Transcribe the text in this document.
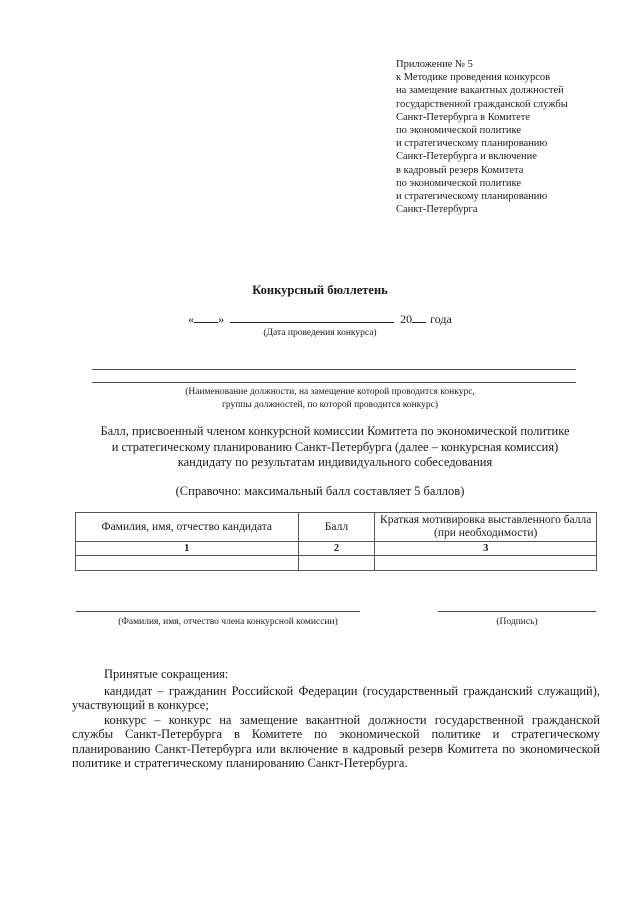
Приложение № 5
к Методике проведения конкурсов
на замещение вакантных должностей
государственной гражданской службы
Санкт-Петербурга в Комитете
по экономической политике
и стратегическому планированию
Санкт-Петербурга и включение
в кадровый резерв Комитета
по экономической политике
и стратегическому планированию
Санкт-Петербурга
Конкурсный бюллетень
« »	20 года
(Дата проведения конкурса)
(Наименование должности, на замещение которой проводится конкурс,
группы должностей, по которой проводится конкурс)
Балл, присвоенный членом конкурсной комиссии Комитета по экономической политике
и стратегическому планированию Санкт-Петербурга (далее – конкурсная комиссия)
кандидату по результатам индивидуального собеседования
(Справочно: максимальный балл составляет 5 баллов)
Фамилия, имя, отчество кандидата	Балл	Краткая мотивировка выставленного балла (при необходимости)
1	2	3

(Фамилия, имя, отчество члена конкурсной комиссии)	(Подпись)

Принятые сокращения:

кандидат – гражданин Российской Федерации (государственный гражданский служащий), участвующий в конкурсе;

конкурс – конкурс на замещение вакантной должности государственной гражданской службы Санкт-Петербурга в Комитете по экономической политике и стратегическому планированию Санкт-Петербурга или включение в кадровый резерв Комитета по экономической политике и стратегическому планированию Санкт-Петербурга.
